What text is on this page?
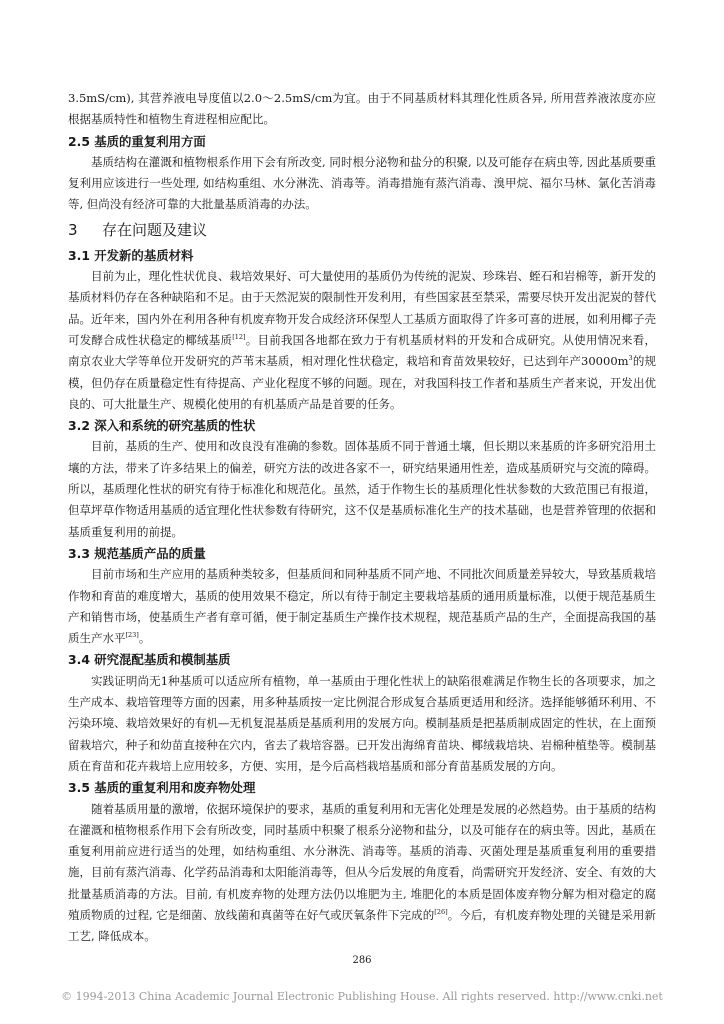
3.5mS/cm), 其营养液电导度值以2.0～2.5mS/cm为宜。由于不同基质材料其理化性质各异, 所用营养液浓度亦应根据基质特性和植物生育进程相应配比。

2.5 基质的重复利用方面

基质结构在灌溉和植物根系作用下会有所改变, 同时根分泌物和盐分的积聚, 以及可能存在病虫等, 因此基质要重复利用应该进行一些处理, 如结构重组、水分淋洗、消毒等。消毒措施有蒸汽消毒、溴甲烷、福尔马林、氯化苦消毒等, 但尚没有经济可靠的大批量基质消毒的办法。

3 存在问题及建议
3.1 开发新的基质材料

目前为止，理化性状优良、栽培效果好、可大量使用的基质仍为传统的泥炭、珍珠岩、蛭石和岩棉等，新开发的基质材料仍存在各种缺陷和不足。由于天然泥炭的限制性开发利用，有些国家甚至禁采，需要尽快开发出泥炭的替代品。近年来，国内外在利用各种有机废弃物开发合成经济环保型人工基质方面取得了许多可喜的进展，如利用椰子壳可发酵合成性状稳定的椰绒基质[12]。目前我国各地都在致力于有机基质材料的开发和合成研究。从使用情况来看，南京农业大学等单位开发研究的芦苇末基质，相对理化性状稳定，栽培和育苗效果较好，已达到年产$30000m^3$的规模，但仍存在质量稳定性有待提高、产业化程度不够的问题。现在，对我国科技工作者和基质生产者来说，开发出优良的、可大批量生产、规模化使用的有机基质产品是首要的任务。

3.2 深入和系统的研究基质的性状

目前，基质的生产、使用和改良没有准确的参数。固体基质不同于普通土壤，但长期以来基质的许多研究沿用土壤的方法，带来了许多结果上的偏差，研究方法的改进各家不一，研究结果通用性差，造成基质研究与交流的障碍。所以，基质理化性状的研究有待于标准化和规范化。虽然，适于作物生长的基质理化性状参数的大致范围已有报道，但草坪草作物适用基质的适宜理化性状参数有待研究，这不仅是基质标准化生产的技术基础，也是营养管理的依据和基质重复利用的前提。

3.3 规范基质产品的质量

目前市场和生产应用的基质种类较多，但基质间和同种基质不同产地、不同批次间质量差异较大，导致基质栽培作物和育苗的难度增大，基质的使用效果不稳定，所以有待于制定主要栽培基质的通用质量标准，以便于规范基质生产和销售市场，使基质生产者有章可循，便于制定基质生产操作技术规程，规范基质产品的生产，全面提高我国的基质生产水平[23]。

3.4 研究混配基质和模制基质

实践证明尚无1种基质可以适应所有植物，单一基质由于理化性状上的缺陷很难满足作物生长的各项要求，加之生产成本、栽培管理等方面的因素，用多种基质按一定比例混合形成复合基质更适用和经济。选择能够循环利用、不污染环境、栽培效果好的有机—无机复混基质是基质利用的发展方向。模制基质是把基质制成固定的性状，在上面预留栽培穴，种子和幼苗直接种在穴内，省去了栽培容器。已开发出海绵育苗块、椰绒栽培块、岩棉种植垫等。模制基质在育苗和花卉栽培上应用较多，方便、实用，是今后高档栽培基质和部分育苗基质发展的方向。

3.5 基质的重复利用和废弃物处理

随着基质用量的激增，依据环境保护的要求，基质的重复利用和无害化处理是发展的必然趋势。由于基质的结构在灌溉和植物根系作用下会有所改变，同时基质中积聚了根系分泌物和盐分，以及可能存在的病虫等。因此，基质在重复利用前应进行适当的处理，如结构重组、水分淋洗、消毒等。基质的消毒、灭菌处理是基质重复利用的重要措施，目前有蒸汽消毒、化学药品消毒和太阳能消毒等，但从今后发展的角度看，尚需研究开发经济、安全、有效的大批量基质消毒的方法。目前, 有机废弃物的处理方法仍以堆肥为主, 堆肥化的本质是固体废弃物分解为相对稳定的腐殖质物质的过程, 它是细菌、放线菌和真菌等在好气或厌氧条件下完成的[26]。今后，有机废弃物处理的关键是采用新工艺, 降低成本。

286
© 1994-2013 China Academic Journal Electronic Publishing House. All rights reserved. http://www.cnki.net
